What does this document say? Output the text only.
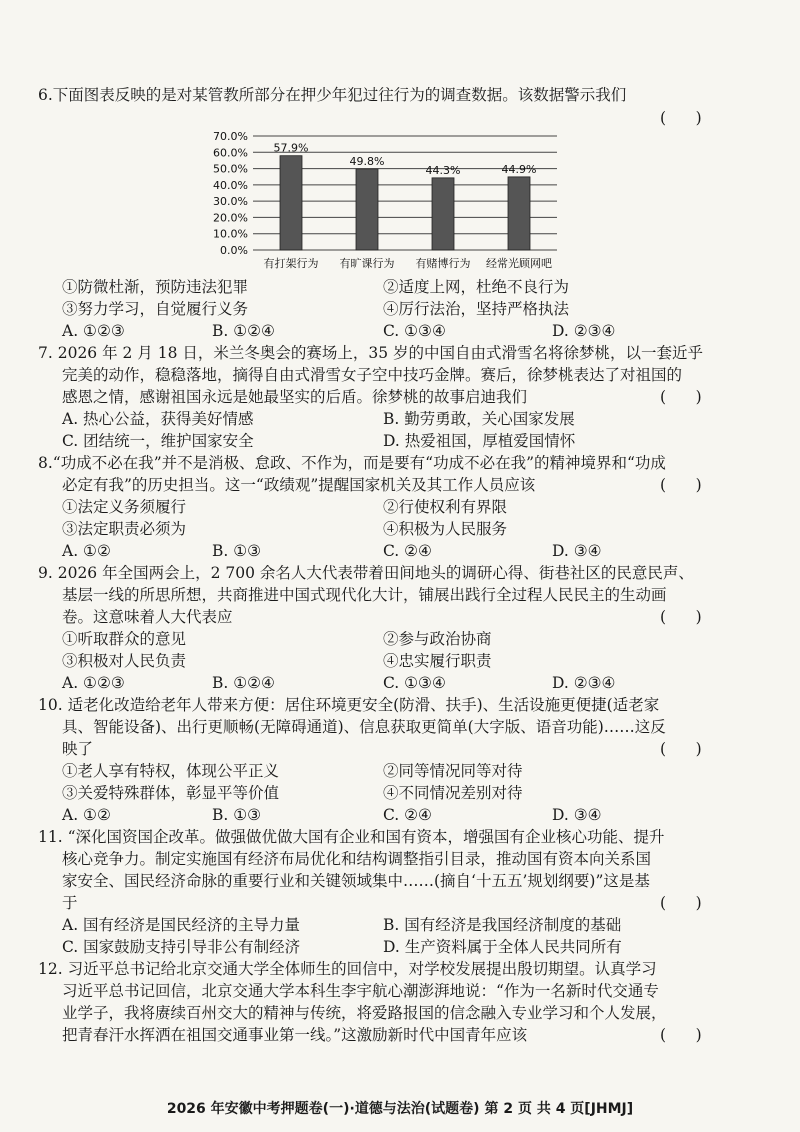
6.下面图表反映的是对某管教所部分在押少年犯过往行为的调查数据。该数据警示我们
(      )
0.0%
10.0%
20.0%
30.0%
40.0%
50.0%
60.0%
70.0%
57.9%
有打架行为
49.8%
有旷课行为
44.3%
有赌博行为
44.9%
经常光顾网吧
①防微杜渐，预防违法犯罪	②适度上网，杜绝不良行为
③努力学习，自觉履行义务	④厉行法治，坚持严格执法
A. ①②③	B. ①②④	C. ①③④	D. ②③④
7. 2026 年 2 月 18 日，米兰冬奥会的赛场上，35 岁的中国自由式滑雪名将徐梦桃，以一套近乎
完美的动作，稳稳落地，摘得自由式滑雪女子空中技巧金牌。赛后，徐梦桃表达了对祖国的
感恩之情，感谢祖国永远是她最坚实的后盾。徐梦桃的故事启迪我们	(      )
A. 热心公益，获得美好情感	B. 勤劳勇敢，关心国家发展
C. 团结统一，维护国家安全	D. 热爱祖国，厚植爱国情怀
8.“功成不必在我”并不是消极、怠政、不作为，而是要有“功成不必在我”的精神境界和“功成
必定有我”的历史担当。这一“政绩观”提醒国家机关及其工作人员应该	(      )
①法定义务须履行	②行使权利有界限
③法定职责必须为	④积极为人民服务
A. ①②	B. ①③	C. ②④	D. ③④
9. 2026 年全国两会上，2 700 余名人大代表带着田间地头的调研心得、街巷社区的民意民声、
基层一线的所思所想，共商推进中国式现代化大计，铺展出践行全过程人民民主的生动画
卷。这意味着人大代表应	(      )
①听取群众的意见	②参与政治协商
③积极对人民负责	④忠实履行职责
A. ①②③	B. ①②④	C. ①③④	D. ②③④
10. 适老化改造给老年人带来方便：居住环境更安全(防滑、扶手)、生活设施更便捷(适老家
具、智能设备)、出行更顺畅(无障碍通道)、信息获取更简单(大字版、语音功能)……这反
映了	(      )
①老人享有特权，体现公平正义	②同等情况同等对待
③关爱特殊群体，彰显平等价值	④不同情况差别对待
A. ①②	B. ①③	C. ②④	D. ③④
11. “深化国资国企改革。做强做优做大国有企业和国有资本，增强国有企业核心功能、提升
核心竞争力。制定实施国有经济布局优化和结构调整指引目录，推动国有资本向关系国
家安全、国民经济命脉的重要行业和关键领域集中……(摘自‘十五五’规划纲要)”这是基
于	(      )
A. 国有经济是国民经济的主导力量	B. 国有经济是我国经济制度的基础
C. 国家鼓励支持引导非公有制经济	D. 生产资料属于全体人民共同所有
12. 习近平总书记给北京交通大学全体师生的回信中，对学校发展提出殷切期望。认真学习
习近平总书记回信，北京交通大学本科生李宇航心潮澎湃地说：“作为一名新时代交通专
业学子，我将赓续百州交大的精神与传统，将爱路报国的信念融入专业学习和个人发展，
把青春汗水挥洒在祖国交通事业第一线。”这激励新时代中国青年应该	(      )
2026 年安徽中考押题卷(一)·道德与法治(试题卷) 第 2 页 共 4 页[JHMJ]
